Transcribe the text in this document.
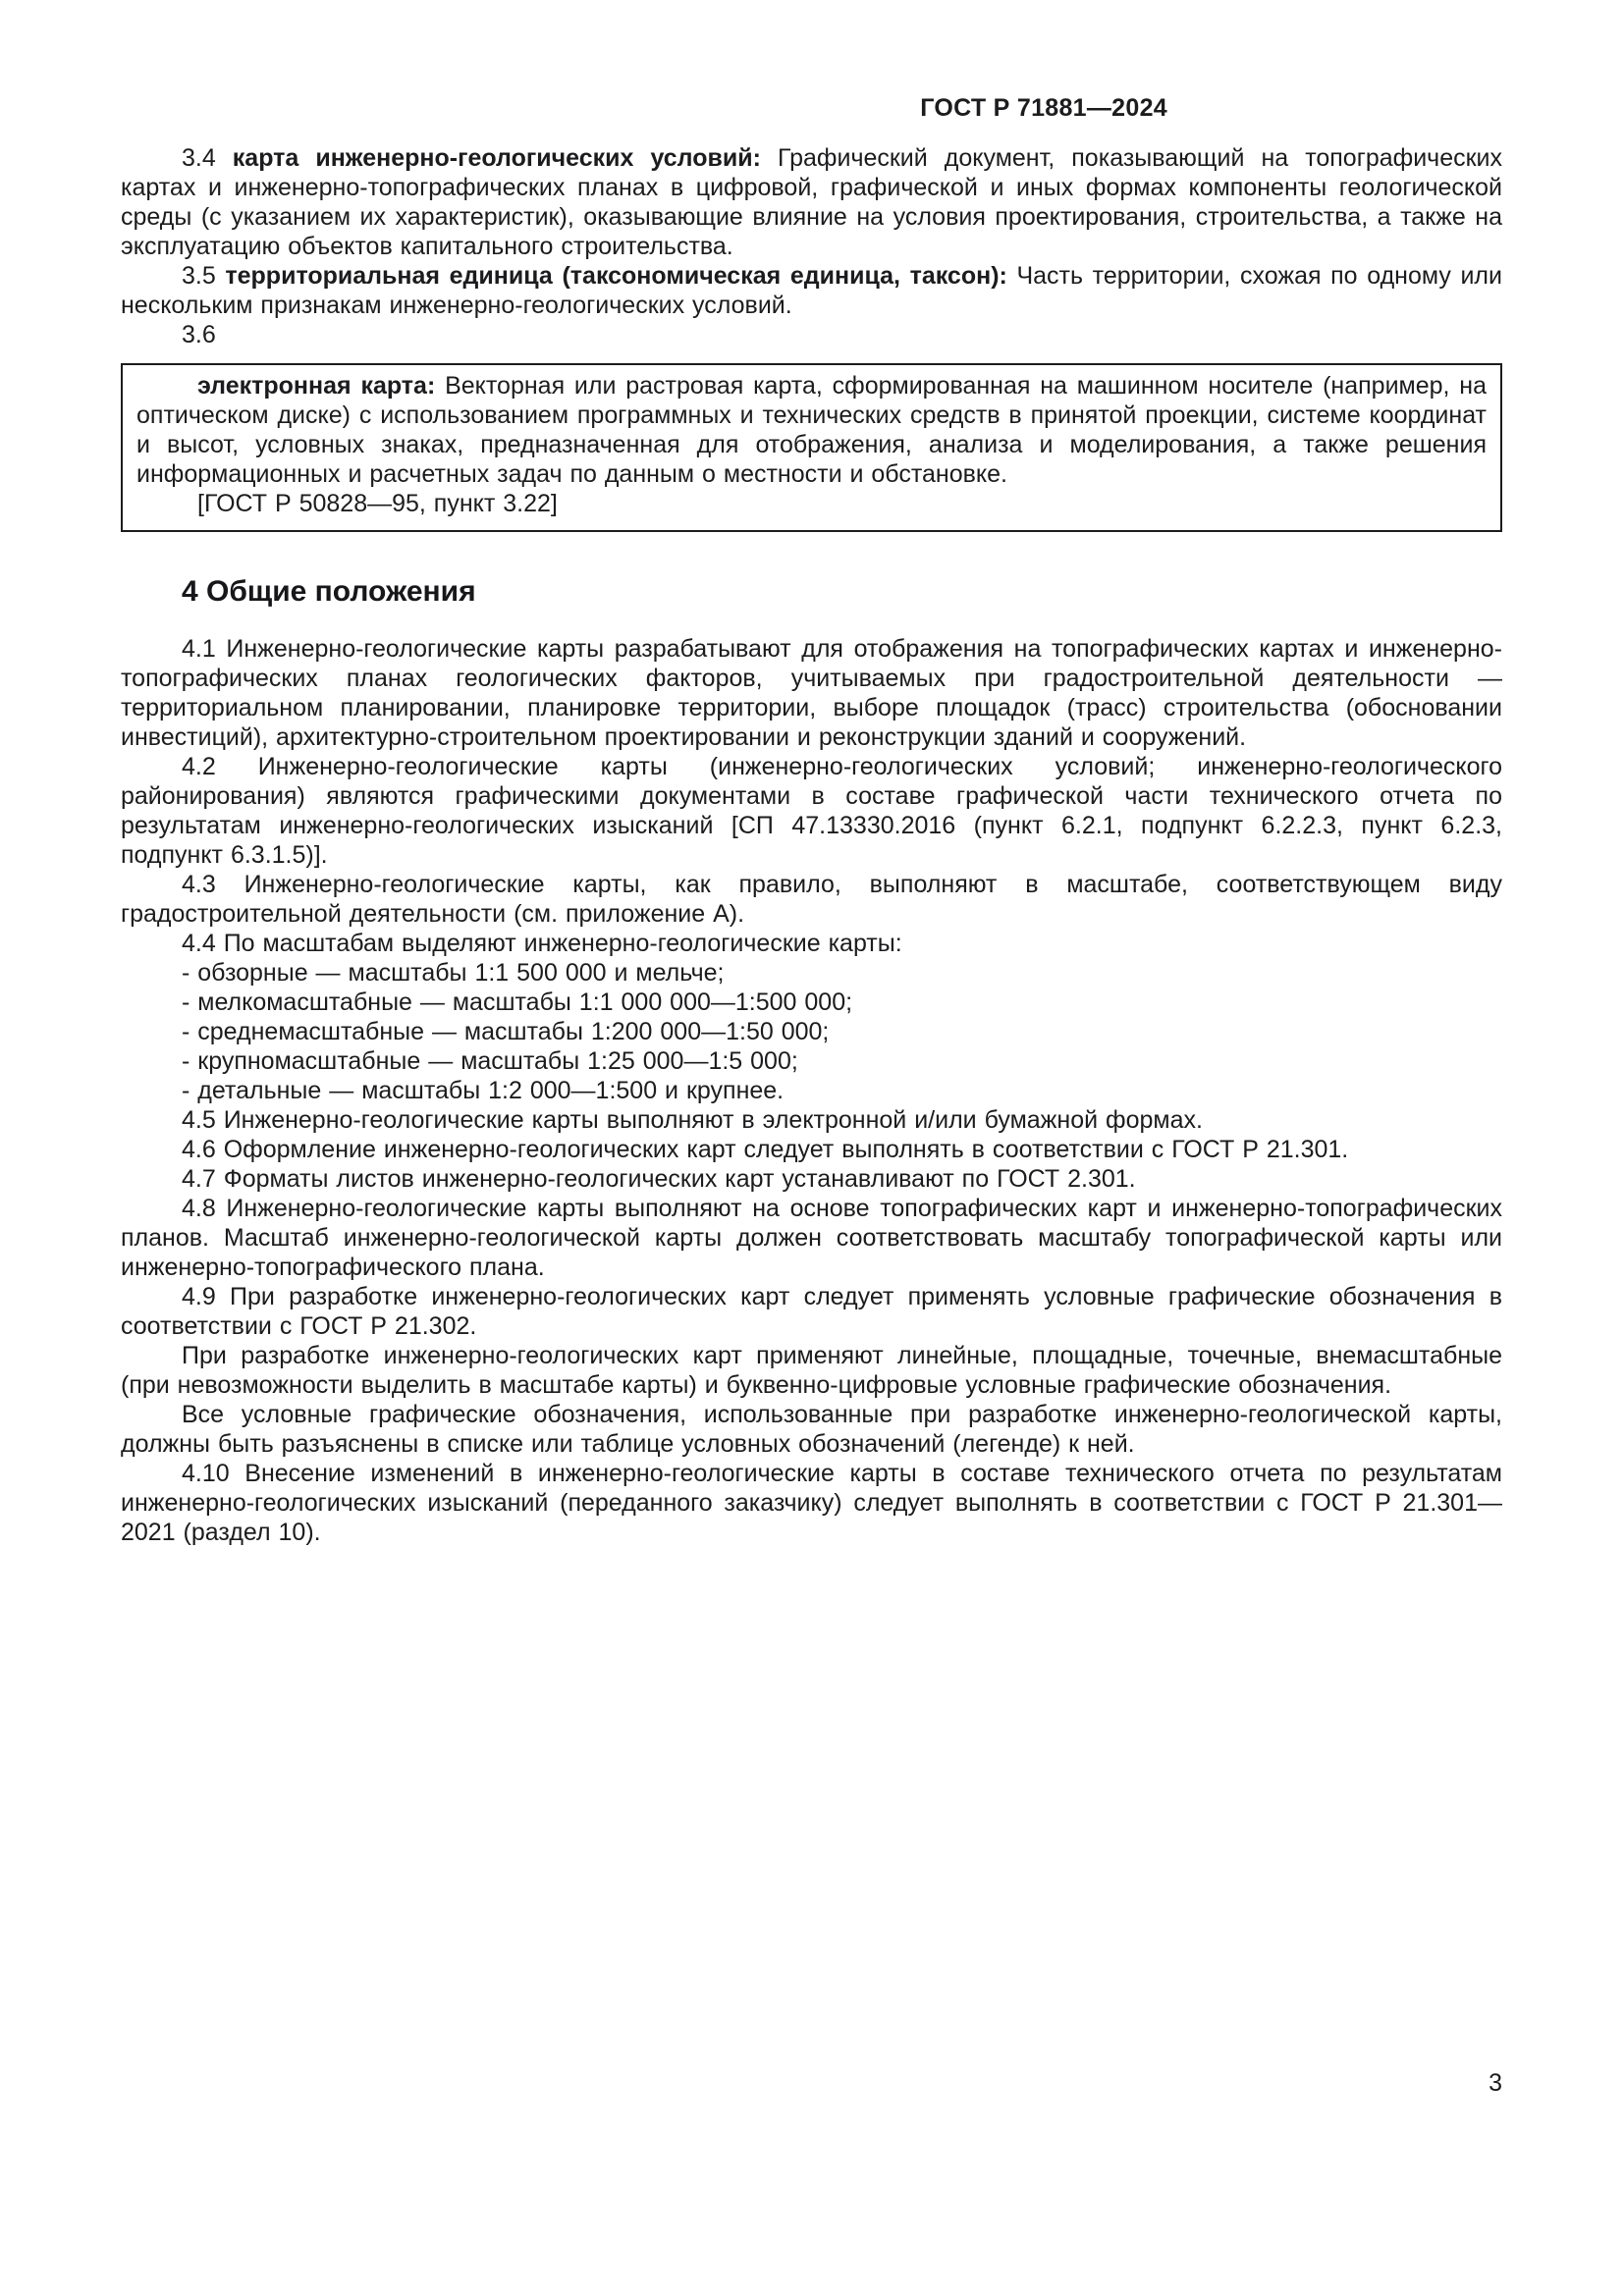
ГОСТ Р 71881—2024

3.4 карта инженерно-геологических условий: Графический документ, показывающий на топографических картах и инженерно-топографических планах в цифровой, графической и иных формах компоненты геологической среды (с указанием их характеристик), оказывающие влияние на условия проектирования, строительства, а также на эксплуатацию объектов капитального строительства.

3.5 территориальная единица (таксономическая единица, таксон): Часть территории, схожая по одному или нескольким признакам инженерно-геологических условий.

3.6

электронная карта: Векторная или растровая карта, сформированная на машинном носителе (например, на оптическом диске) с использованием программных и технических средств в принятой проекции, системе координат и высот, условных знаках, предназначенная для отображения, анализа и моделирования, а также решения информационных и расчетных задач по данным о местности и обстановке.

[ГОСТ Р 50828—95, пункт 3.22]

4 Общие положения

4.1 Инженерно-геологические карты разрабатывают для отображения на топографических картах и инженерно-топографических планах геологических факторов, учитываемых при градостроительной деятельности — территориальном планировании, планировке территории, выборе площадок (трасс) строительства (обосновании инвестиций), архитектурно-строительном проектировании и реконструкции зданий и сооружений.

4.2 Инженерно-геологические карты (инженерно-геологических условий; инженерно-геологического районирования) являются графическими документами в составе графической части технического отчета по результатам инженерно-геологических изысканий [СП 47.13330.2016 (пункт 6.2.1, подпункт 6.2.2.3, пункт 6.2.3, подпункт 6.3.1.5)].

4.3 Инженерно-геологические карты, как правило, выполняют в масштабе, соответствующем виду градостроительной деятельности (см. приложение А).

4.4 По масштабам выделяют инженерно-геологические карты:

- обзорные — масштабы 1:1 500 000 и мельче;

- мелкомасштабные — масштабы 1:1 000 000—1:500 000;

- среднемасштабные — масштабы 1:200 000—1:50 000;

- крупномасштабные — масштабы 1:25 000—1:5 000;

- детальные — масштабы 1:2 000—1:500 и крупнее.

4.5 Инженерно-геологические карты выполняют в электронной и/или бумажной формах.

4.6 Оформление инженерно-геологических карт следует выполнять в соответствии с ГОСТ Р 21.301.

4.7 Форматы листов инженерно-геологических карт устанавливают по ГОСТ 2.301.

4.8 Инженерно-геологические карты выполняют на основе топографических карт и инженерно-топографических планов. Масштаб инженерно-геологической карты должен соответствовать масштабу топографической карты или инженерно-топографического плана.

4.9 При разработке инженерно-геологических карт следует применять условные графические обозначения в соответствии с ГОСТ Р 21.302.

При разработке инженерно-геологических карт применяют линейные, площадные, точечные, внемасштабные (при невозможности выделить в масштабе карты) и буквенно-цифровые условные графические обозначения.

Все условные графические обозначения, использованные при разработке инженерно-геологической карты, должны быть разъяснены в списке или таблице условных обозначений (легенде) к ней.

4.10 Внесение изменений в инженерно-геологические карты в составе технического отчета по результатам инженерно-геологических изысканий (переданного заказчику) следует выполнять в соответствии с ГОСТ Р 21.301—2021 (раздел 10).

3
